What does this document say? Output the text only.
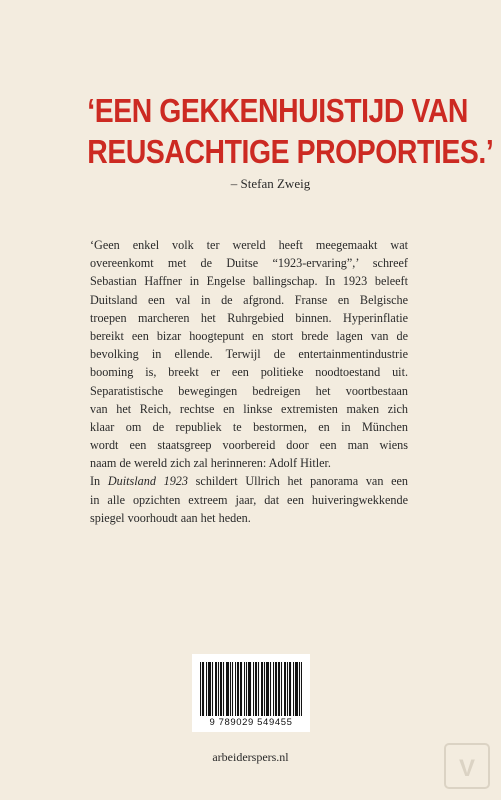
‘EEN GEKKENHUISTIJD VAN
REUSACHTIGE PROPORTIES.’
– Stefan Zweig
‘Geen enkel volk ter wereld heeft meegemaakt wat
overeenkomt met de Duitse “1923-ervaring”,’ schreef
Sebastian Haffner in Engelse ballingschap. In 1923 beleeft
Duitsland een val in de afgrond. Franse en Belgische
troepen marcheren het Ruhrgebied binnen. Hyperinflatie
bereikt een bizar hoogtepunt en stort brede lagen van de
bevolking in ellende. Terwijl de entertainmentindustrie
booming is, breekt er een politieke noodtoestand uit.
Separatistische bewegingen bedreigen het voortbestaan
van het Reich, rechtse en linkse extremisten maken zich
klaar om de republiek te bestormen, en in München
wordt een staatsgreep voorbereid door een man wiens
naam de wereld zich zal herinneren: Adolf Hitler.
In Duitsland 1923 schildert Ullrich het panorama van een
in alle opzichten extreem jaar, dat een huiveringwekkende
spiegel voorhoudt aan het heden.
9 789029 549455
arbeiderspers.nl	V
